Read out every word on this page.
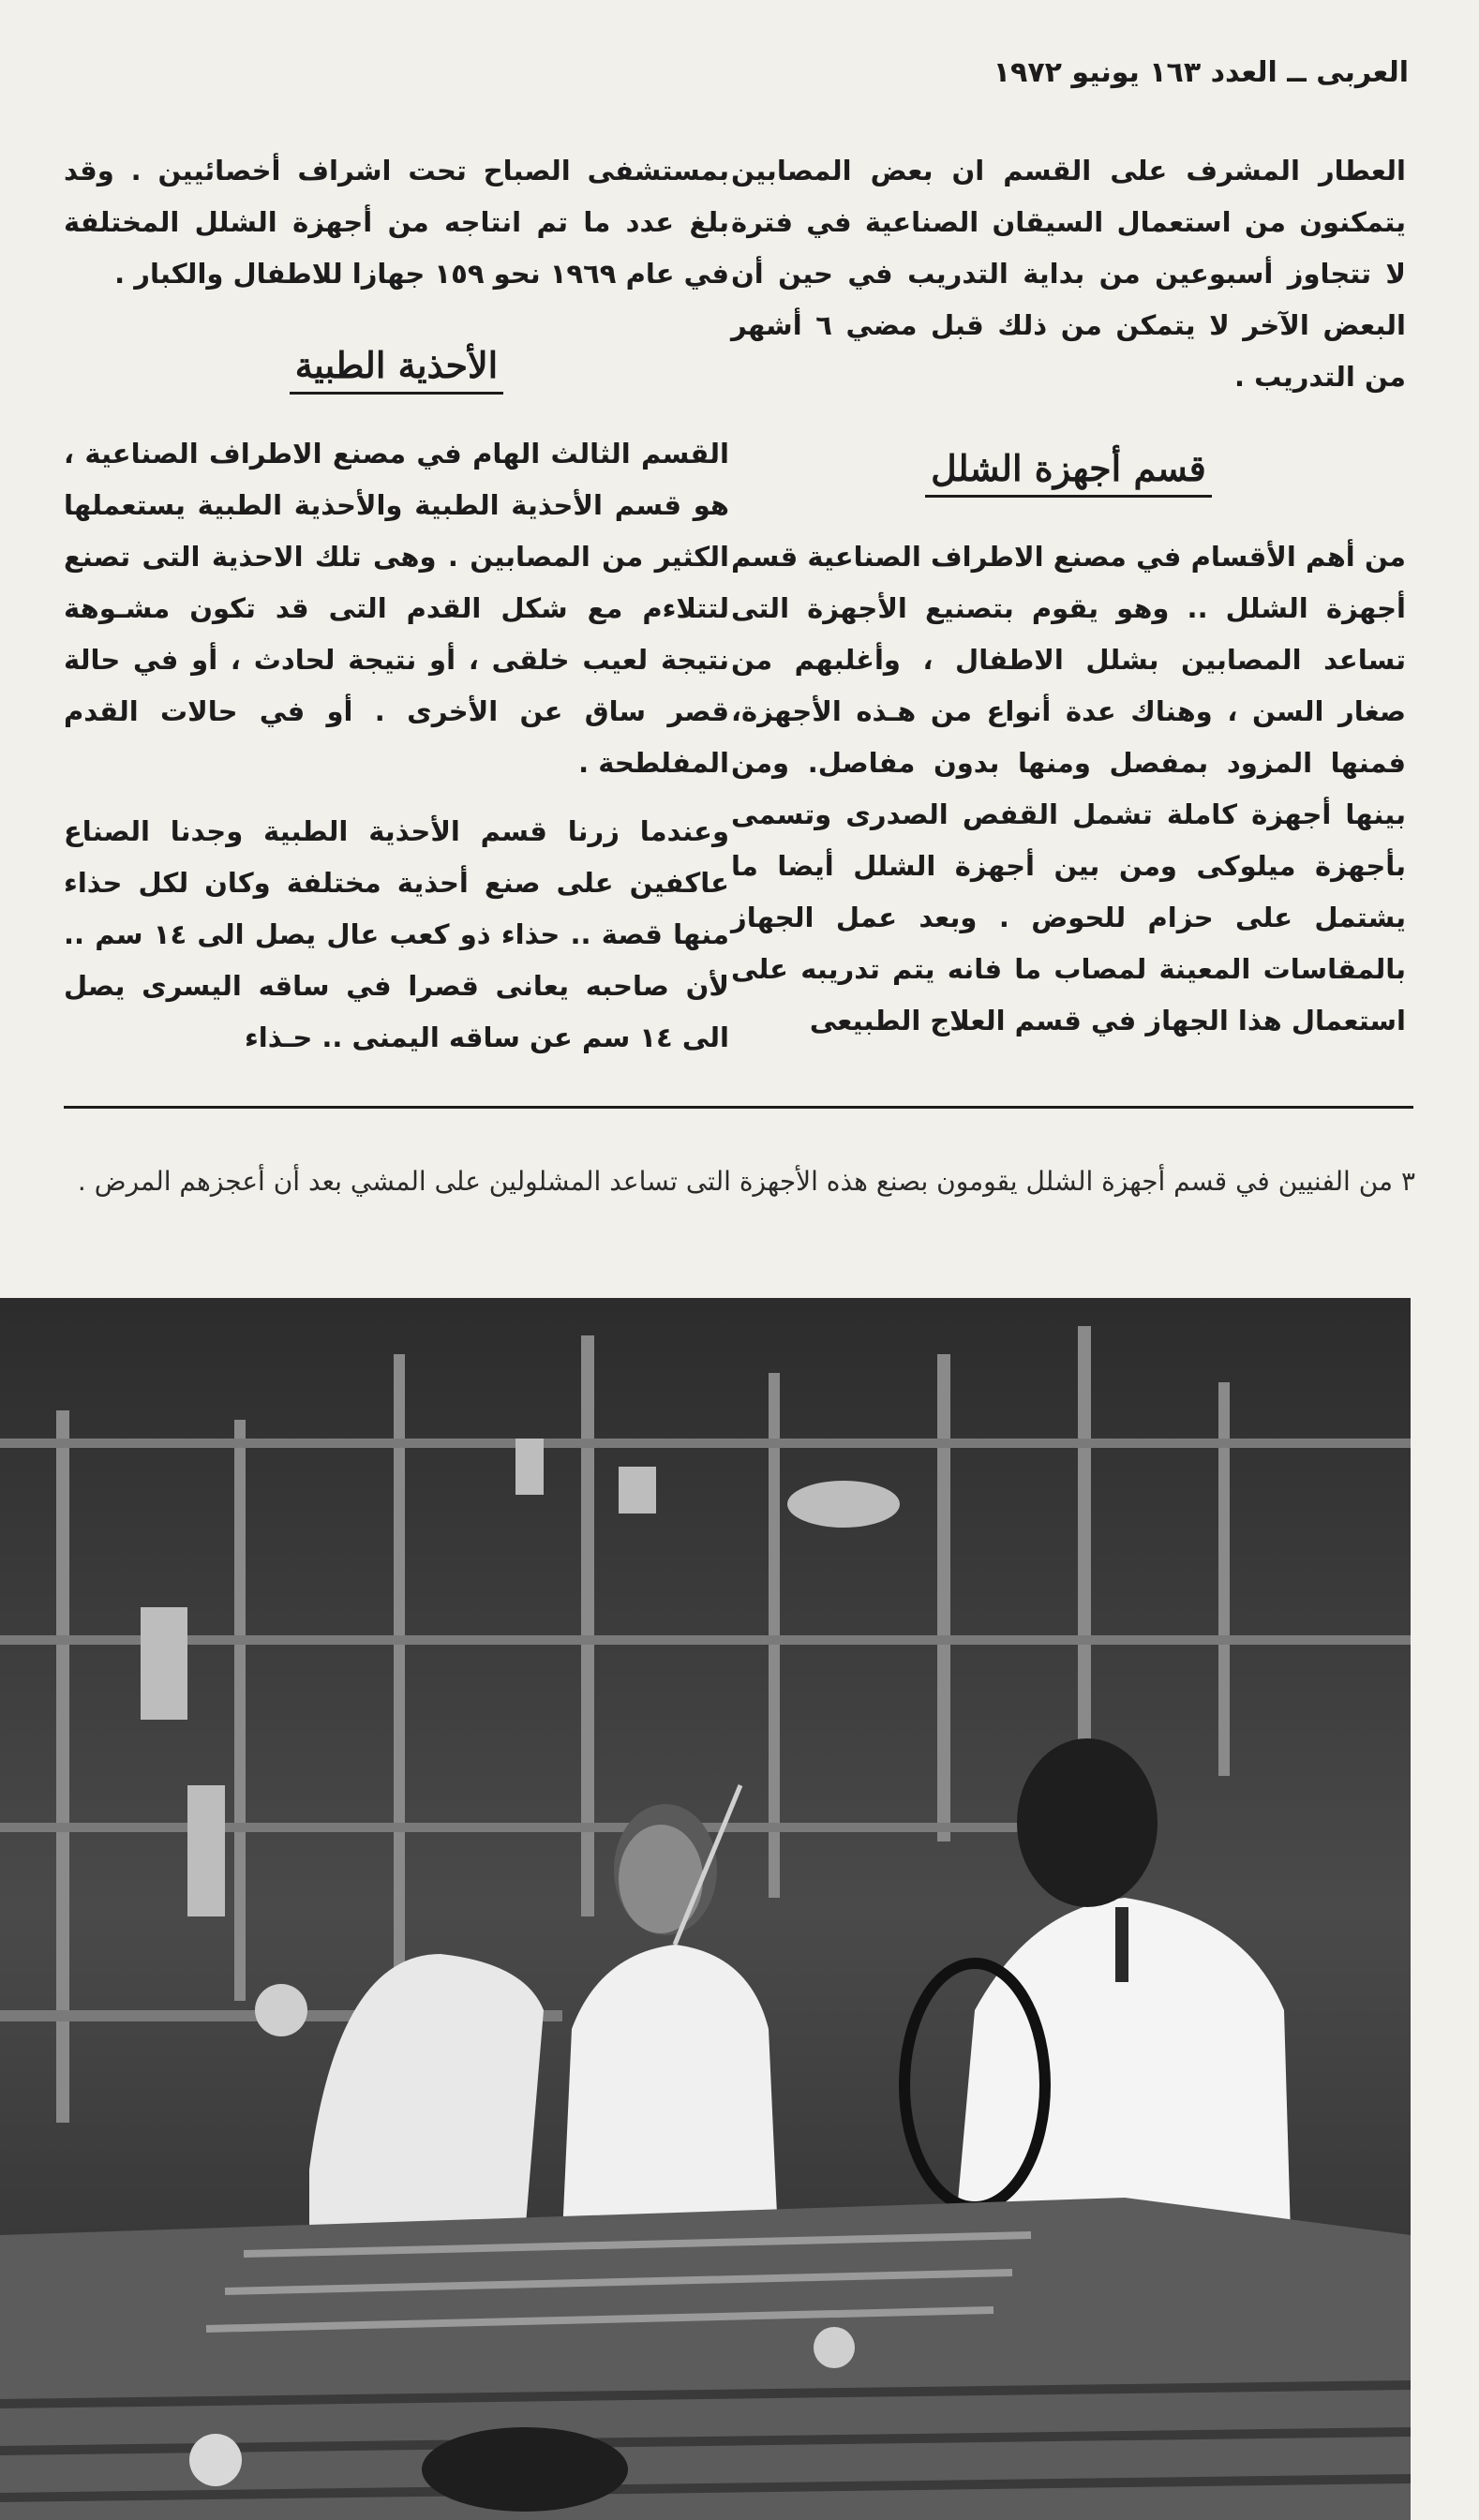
العربى ــ العدد ١٦٣ يونيو ١٩٧٢

العطار المشرف على القسم ان بعض المصابين يتمكنون من استعمال السيقان الصناعية في فترة لا تتجاوز أسبوعين من بداية التدريب في حين أن البعض الآخر لا يتمكن من ذلك قبل مضي ٦ أشهر من التدريب .

قسم أجهزة الشلل

من أهم الأقسام في مصنع الاطراف الصناعية قسم أجهزة الشلل .. وهو يقوم بتصنيع الأجهزة التى تساعد المصابين بشلل الاطفال ، وأغلبهم من صغار السن ، وهناك عدة أنواع من هـذه الأجهزة، فمنها المزود بمفصل ومنها بدون مفاصل. ومن بينها أجهزة كاملة تشمل القفص الصدرى وتسمى بأجهزة ميلوكى ومن بين أجهزة الشلل أيضا ما يشتمل على حزام للحوض . وبعد عمل الجهاز بالمقاسات المعينة لمصاب ما فانه يتم تدريبه على استعمال هذا الجهاز في قسم العلاج الطبيعى

بمستشفى الصباح تحت اشراف أخصائيين . وقد بلغ عدد ما تم انتاجه من أجهزة الشلل المختلفة في عام ١٩٦٩ نحو ١٥٩ جهازا للاطفال والكبار .

الأحذية الطبية

القسم الثالث الهام في مصنع الاطراف الصناعية ، هو قسم الأحذية الطبية والأحذية الطبية يستعملها الكثير من المصابين . وهى تلك الاحذية التى تصنع لتتلاءم مع شكل القدم التى قد تكون مشـوهة نتيجة لعيب خلقى ، أو نتيجة لحادث ، أو في حالة قصر ساق عن الأخرى . أو في حالات القدم المفلطحة .

وعندما زرنا قسم الأحذية الطبية وجدنا الصناع عاكفين على صنع أحذية مختلفة وكان لكل حذاء منها قصة .. حذاء ذو كعب عال يصل الى ١٤ سم .. لأن صاحبه يعانى قصرا في ساقه اليسرى يصل الى ١٤ سم عن ساقه اليمنى .. حـذاء

٣ من الفنيين في قسم أجهزة الشلل يقومون بصنع هذه الأجهزة التى تساعد المشلولين على المشي بعد أن أعجزهم المرض .
